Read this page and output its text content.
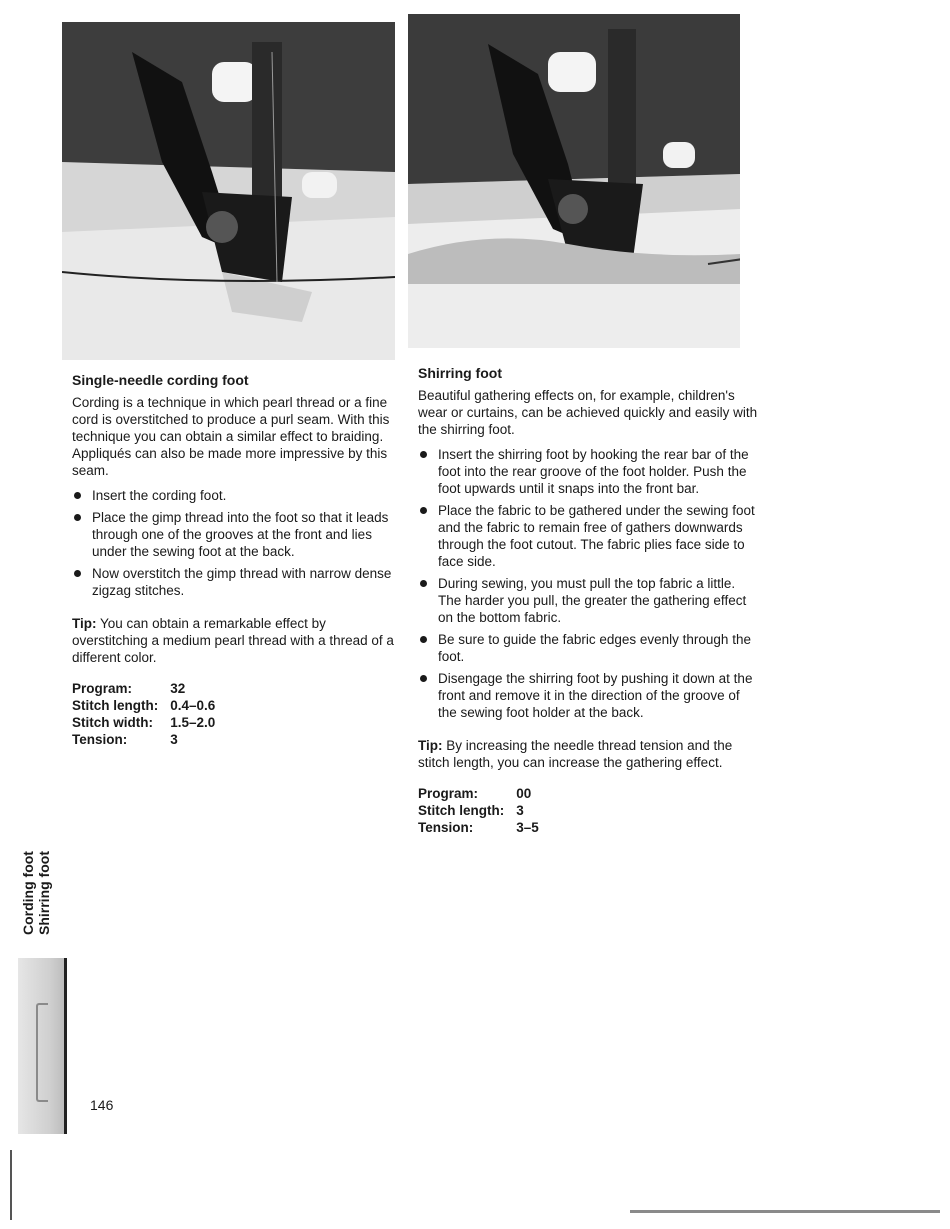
Single-needle cording foot

Cording is a technique in which pearl thread or a fine cord is overstitched to produce a purl seam. With this technique you can obtain a similar effect to braiding. Appliqués can also be made more impressive by this seam.

Insert the cording foot.
Place the gimp thread into the foot so that it leads through one of the grooves at the front and lies under the sewing foot at the back.
Now overstitch the gimp thread with narrow dense zigzag stitches.

Tip: You can obtain a remarkable effect by overstitching a medium pearl thread with a thread of a different color.

Program:	32
Stitch length:	0.4–0.6
Stitch width:	1.5–2.0
Tension:	3
Shirring foot

Beautiful gathering effects on, for example, children's wear or curtains, can be achieved quickly and easily with the shirring foot.

Insert the shirring foot by hooking the rear bar of the foot into the rear groove of the foot holder. Push the foot upwards until it snaps into the front bar.
Place the fabric to be gathered under the sewing foot and the fabric to remain free of gathers downwards through the foot cutout. The fabric plies face side to face side.
During sewing, you must pull the top fabric a little. The harder you pull, the greater the gathering effect on the bottom fabric.
Be sure to guide the fabric edges evenly through the foot.
Disengage the shirring foot by pushing it down at the front and remove it in the direction of the groove of the sewing foot holder at the back.

Tip: By increasing the needle thread tension and the stitch length, you can increase the gathering effect.

Program:	00
Stitch length:	3
Tension:	3–5
Cording foot Shirring foot
146
